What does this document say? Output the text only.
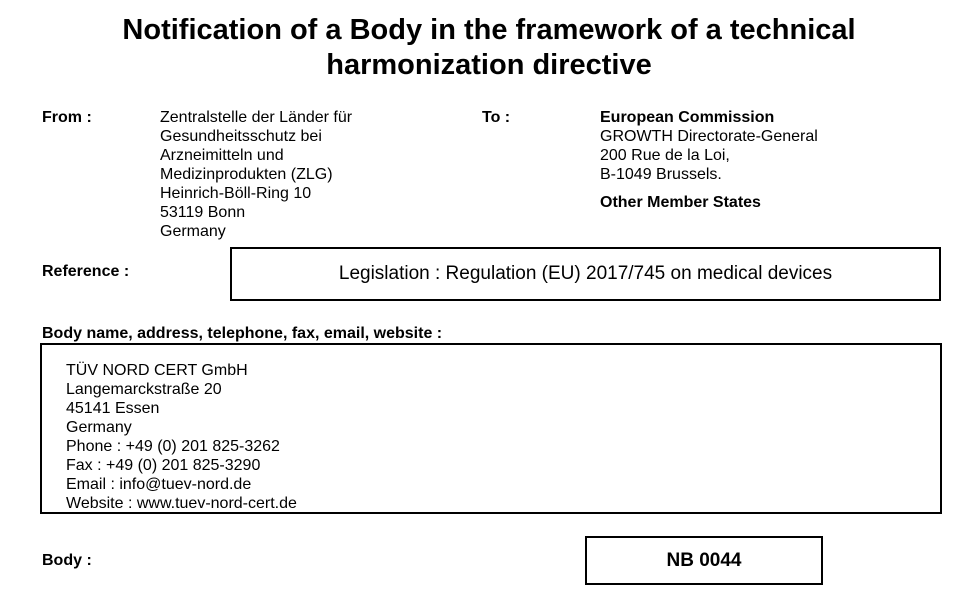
Notification of a Body in the framework of a technical
harmonization directive
From :	Zentralstelle der Länder für
Gesundheitsschutz bei
Arzneimitteln und
Medizinprodukten (ZLG)
Heinrich-Böll-Ring 10
53119 Bonn
Germany
To :	European Commission
GROWTH Directorate-General
200 Rue de la Loi,
B-1049 Brussels.
Other Member States
Reference :	Legislation : Regulation (EU) 2017/745 on medical devices
Body name, address, telephone, fax, email, website :
TÜV NORD CERT GmbH
Langemarckstraße 20
45141 Essen
Germany
Phone : +49 (0) 201 825-3262
Fax : +49 (0) 201 825-3290
Email : info@tuev-nord.de
Website : www.tuev-nord-cert.de
Body :	NB 0044
